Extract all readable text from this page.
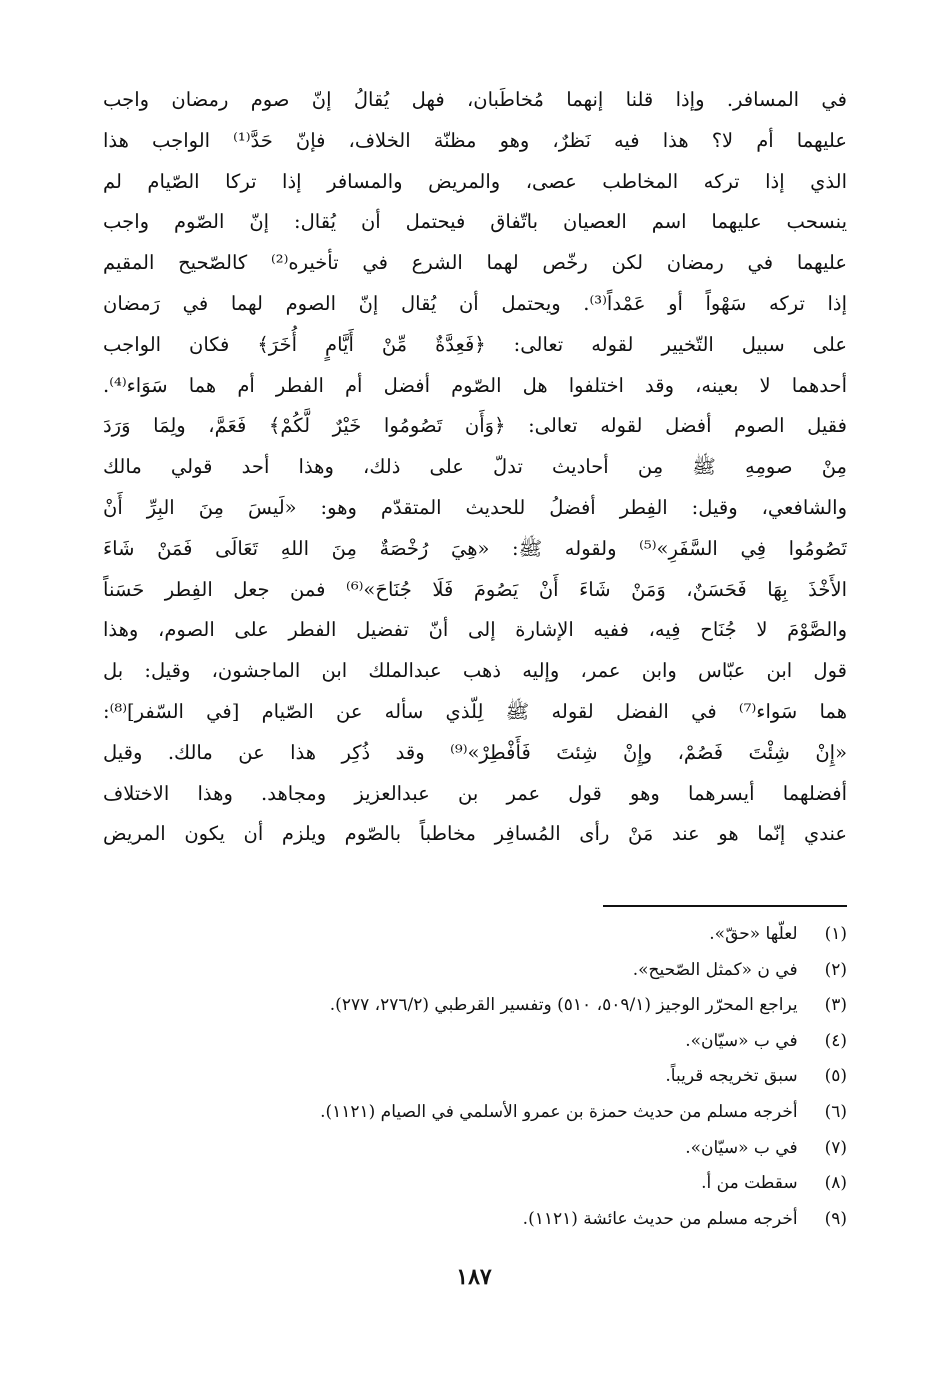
في المسافر. وإذا قلنا إنهما مُخاطَبان، فهل يُقالُ إنّ صوم رمضان واجب
عليهما أم لا؟ هذا فيه نَظرٌ، وهو مظنّة الخلاف، فإنّ حَدَّ⁽¹⁾ الواجب هذا
الذي إذا تركه المخاطب عصى، والمريض والمسافر إذا تركا الصّيام لم
ينسحب عليهما اسم العصيان باتّفاق فيحتمل أن يُقال: إنّ الصّوم واجب
عليهما في رمضان لكن رخّص لهما الشرع في تأخيره⁽²⁾ كالصّحيح المقيم
إذا تركه سَهْواً أو عَمْداً⁽³⁾. ويحتمل أن يُقال إنّ الصوم لهما في رَمضان
على سبيل التّخيير لقوله تعالى: ﴿فَعِدَّةٌ مِّنْ أَيَّامٍ أُخَرَ﴾ فكان الواجب
أحدهما لا بعينه، وقد اختلفوا هل الصّوم أفضل أم الفطر أم هما سَوَاء⁽⁴⁾.
فقيل الصوم أفضل لقوله تعالى: ﴿وَأَن تَصُومُوا خَيْرٌ لَّكُمْ﴾ فَعَمَّ، ولِمَا وَرَدَ
مِنْ صومِهِ ﷺ مِن أحاديث تدلّ على ذلك، وهذا أحد قولي مالك
والشافعي، وقيل: الفِطر أفضلُ للحديث المتقدّم وهو: «لَيسَ مِنَ البِرِّ أَنْ
تَصُومُوا فِي السَّفَرِ»⁽⁵⁾ ولقوله ﷺ: «هِيَ رُخْصَةٌ مِنَ اللهِ تَعَالَى فَمَنْ شَاءَ
الأَخْذَ بِهَا فَحَسَنٌ، وَمَنْ شَاءَ أَنْ يَصُومَ فَلَا جُنَاحَ»⁽⁶⁾ فمن جعل الفِطر حَسَناً
والصَّوْمَ لا جُنَاح فِيه، ففيه الإشارة إلى أنّ تفضيل الفطر على الصوم، وهذا
قول ابن عبّاس وابن عمر، وإليه ذهب عبدالملك ابن الماجشون، وقيل: بل
هما سَواء⁽⁷⁾ في الفضل لقوله ﷺ لِلّذي سأله عن الصّيام [في السّفر]⁽⁸⁾:
«إِنْ شِئْتَ فَصُمْ، وإِنْ شِئتَ فَأَفْطِرْ»⁽⁹⁾ وقد ذُكِر هذا عن مالك. وقيل
أفضلهما أيسرهما وهو قول عمر بن عبدالعزيز ومجاهد. وهذا الاختلاف
عندي إنّما هو عند مَنْ رأى المُسافِر مخاطباً بالصّوم ويلزم أن يكون المريض
(١) لعلّها «حقّ».
(٢) في ن «كمثل الصّحيح».
(٣) يراجع المحرّر الوجيز (٥٠٩/١، ٥١٠) وتفسير القرطبي (٢٧٦/٢، ٢٧٧).
(٤) في ب «سيّان».
(٥) سبق تخريجه قريباً.
(٦) أخرجه مسلم من حديث حمزة بن عمرو الأسلمي في الصيام (١١٢١).
(٧) في ب «سيّان».
(٨) سقطت من أ.
(٩) أخرجه مسلم من حديث عائشة (١١٢١).
١٨٧
